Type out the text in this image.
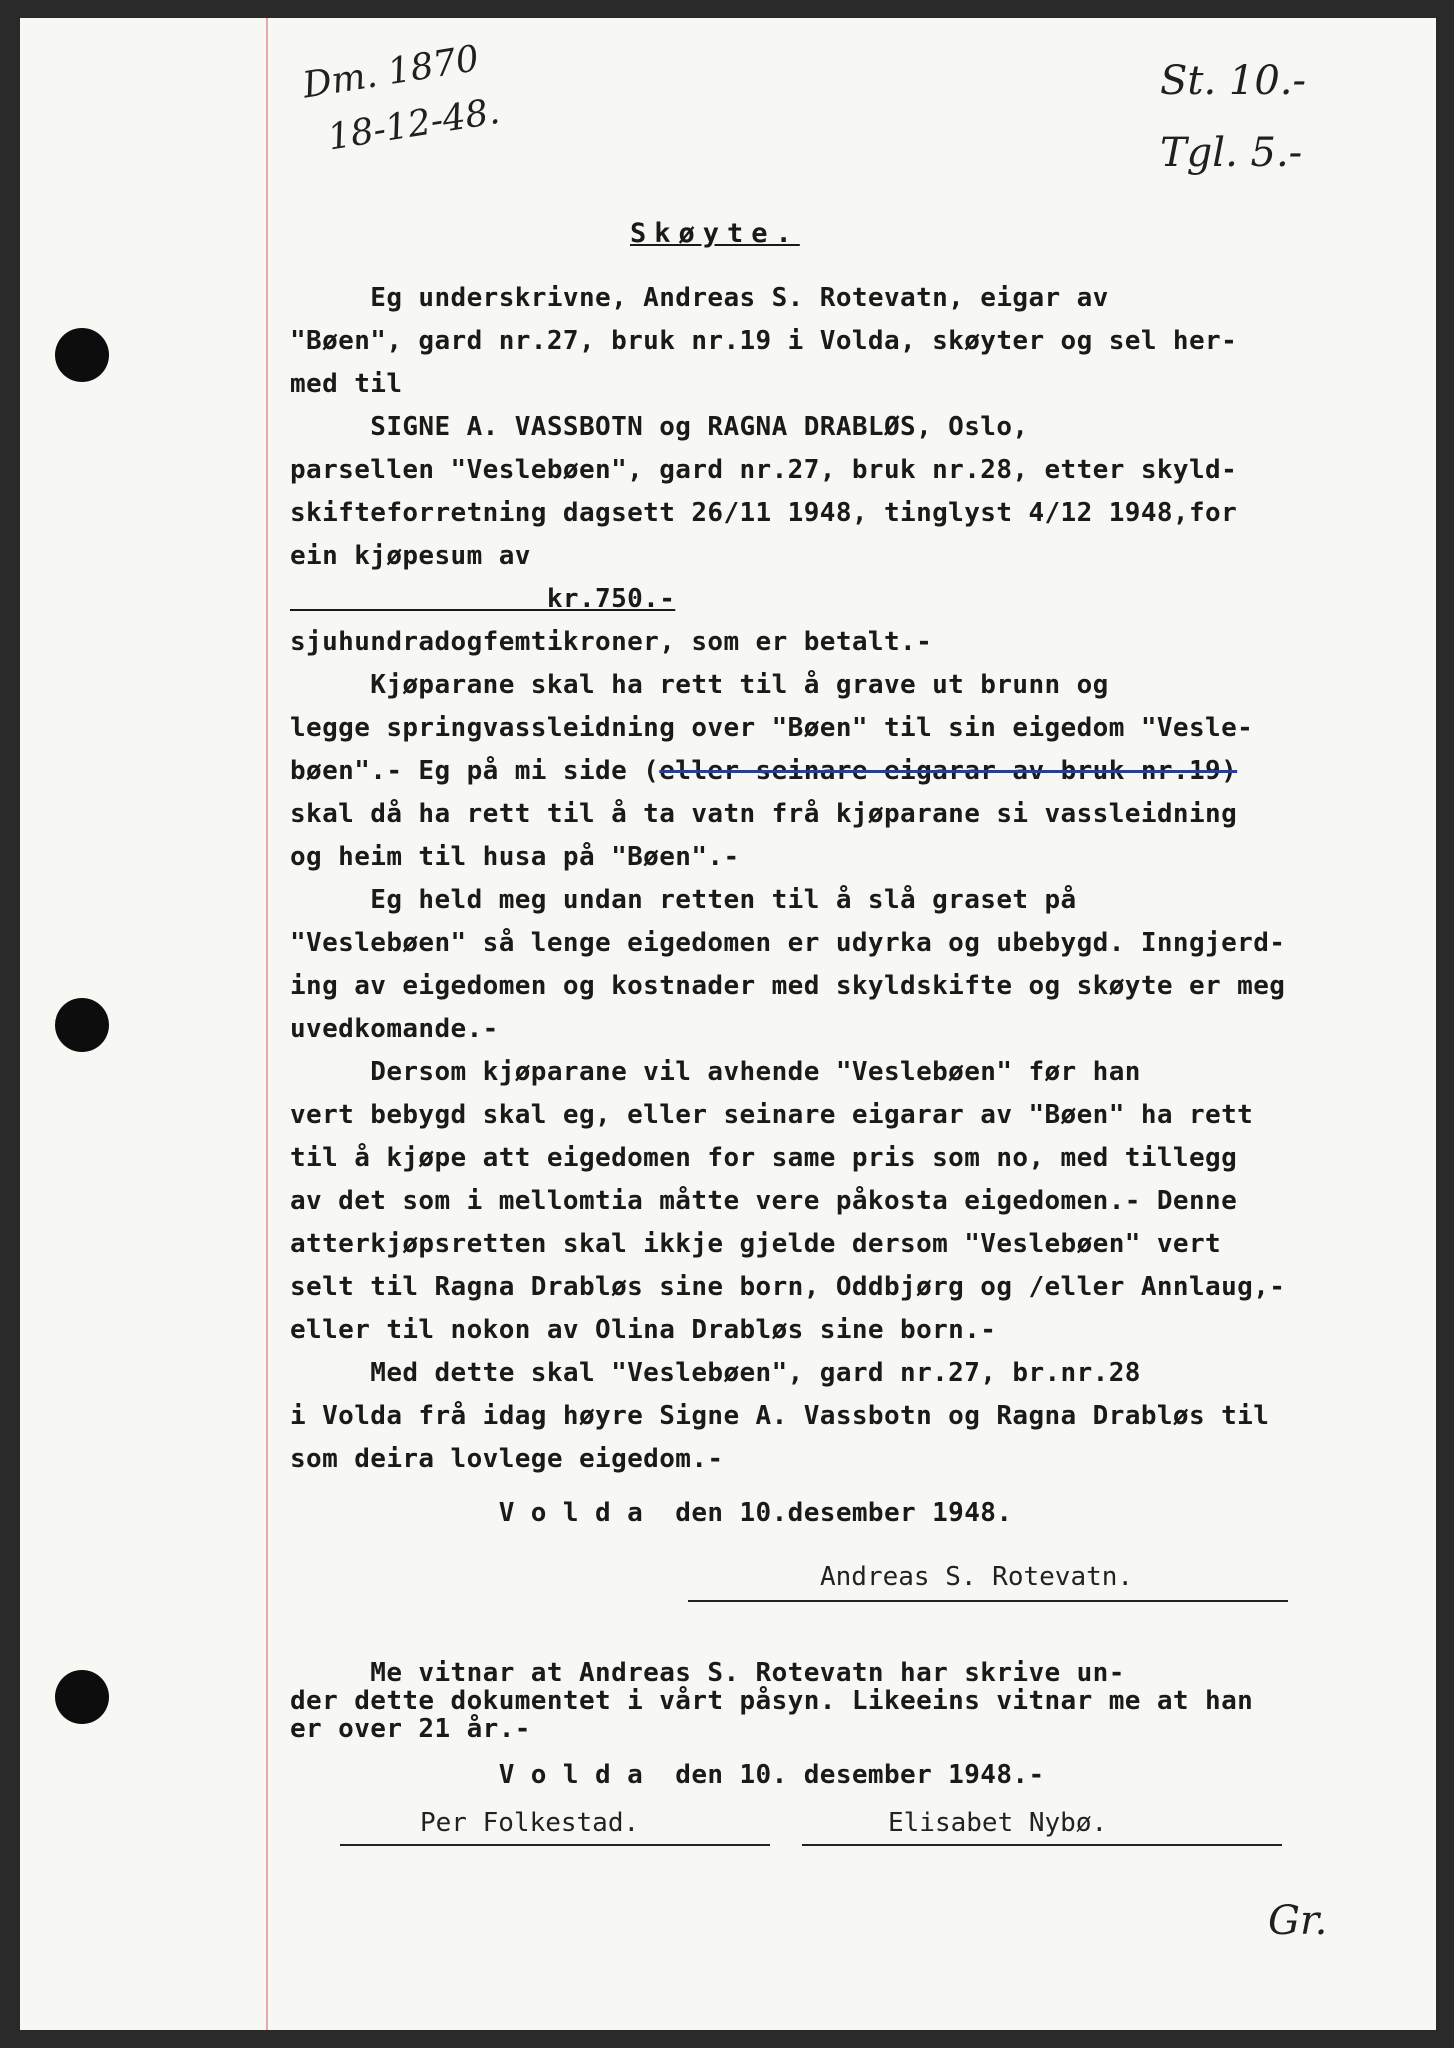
Dm. 1870
18-12-48.
St. 10.-
Tgl. 5.-
Skøyte.
Eg underskrivne, Andreas S. Rotevatn, eigar av
"Bøen", gard nr.27, bruk nr.19 i Volda, skøyter og sel her-
med til
SIGNE A. VASSBOTN og RAGNA DRABLØS, Oslo,
parsellen "Veslebøen", gard nr.27, bruk nr.28, etter skyld-
skifteforretning dagsett 26/11 1948, tinglyst 4/12 1948,for
ein kjøpesum av
kr.750.-
sjuhundradogfemtikroner, som er betalt.-
Kjøparane skal ha rett til å grave ut brunn og
legge springvassleidning over "Bøen" til sin eigedom "Vesle-
bøen".- Eg på mi side (eller seinare eigarar av bruk nr.19)
skal då ha rett til å ta vatn frå kjøparane si vassleidning
og heim til husa på "Bøen".-
Eg held meg undan retten til å slå graset på
"Veslebøen" så lenge eigedomen er udyrka og ubebygd. Inngjerd-
ing av eigedomen og kostnader med skyldskifte og skøyte er meg
uvedkomande.-
Dersom kjøparane vil avhende "Veslebøen" før han
vert bebygd skal eg, eller seinare eigarar av "Bøen" ha rett
til å kjøpe att eigedomen for same pris som no, med tillegg
av det som i mellomtia måtte vere påkosta eigedomen.- Denne
atterkjøpsretten skal ikkje gjelde dersom "Veslebøen" vert
selt til Ragna Drabløs sine born, Oddbjørg og /eller Annlaug,-
eller til nokon av Olina Drabløs sine born.-
Med dette skal "Veslebøen", gard nr.27, br.nr.28
i Volda frå idag høyre Signe A. Vassbotn og Ragna Drabløs til
som deira lovlege eigedom.-
V o l d a  den 10.desember 1948.
Andreas S. Rotevatn.
Me vitnar at Andreas S. Rotevatn har skrive un-
der dette dokumentet i vårt påsyn. Likeeins vitnar me at han
er over 21 år.-
V o l d a  den 10. desember 1948.-
Per Folkestad.	Elisabet Nybø.
Gr.
